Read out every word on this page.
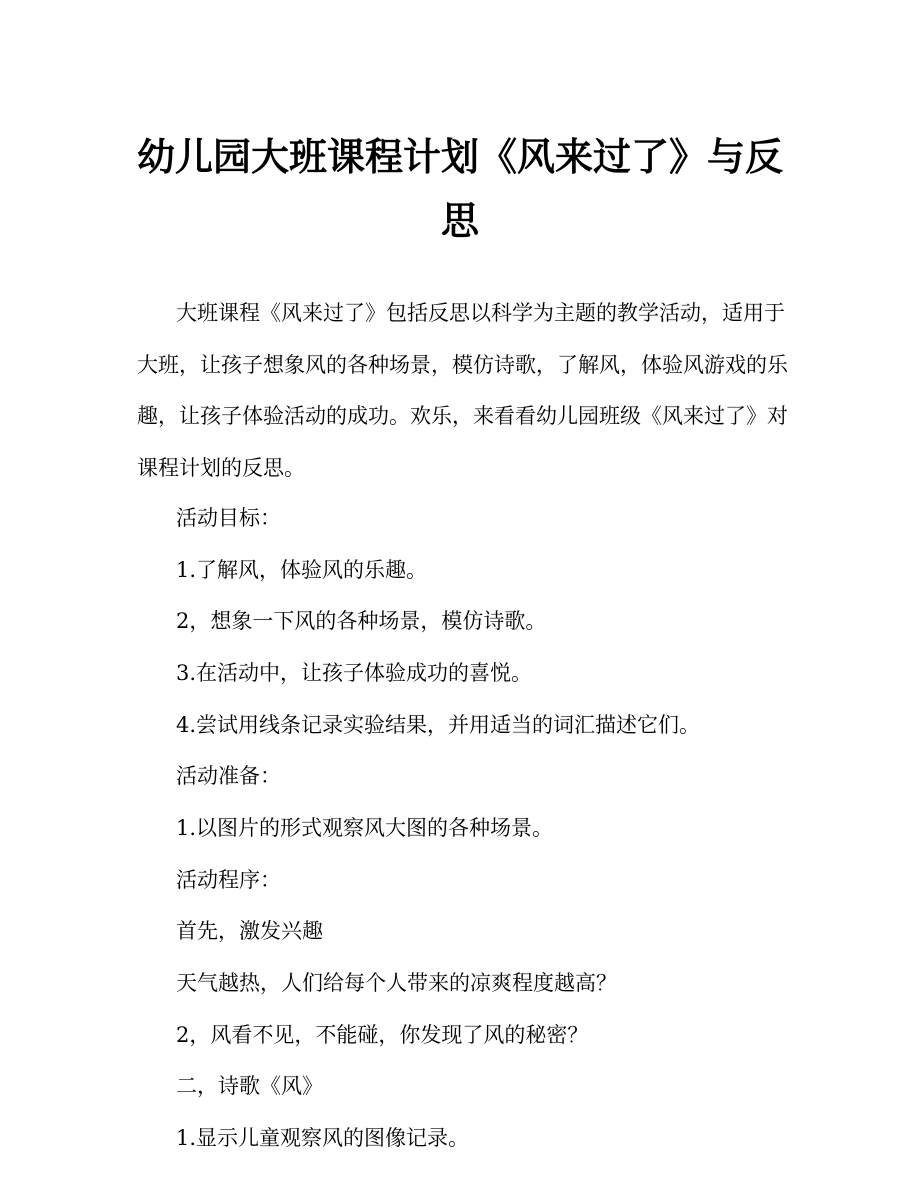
幼儿园大班课程计划《风来过了》与反
思
大班课程《风来过了》包括反思以科学为主题的教学活动，适用于
大班，让孩子想象风的各种场景，模仿诗歌，了解风，体验风游戏的乐
趣，让孩子体验活动的成功。欢乐，来看看幼儿园班级《风来过了》对
课程计划的反思。

活动目标：

1.了解风，体验风的乐趣。

2，想象一下风的各种场景，模仿诗歌。

3.在活动中，让孩子体验成功的喜悦。

4.尝试用线条记录实验结果，并用适当的词汇描述它们。

活动准备：

1.以图片的形式观察风大图的各种场景。

活动程序：

首先，激发兴趣

天气越热，人们给每个人带来的凉爽程度越高？

2，风看不见，不能碰，你发现了风的秘密？

二，诗歌《风》

1.显示儿童观察风的图像记录。
